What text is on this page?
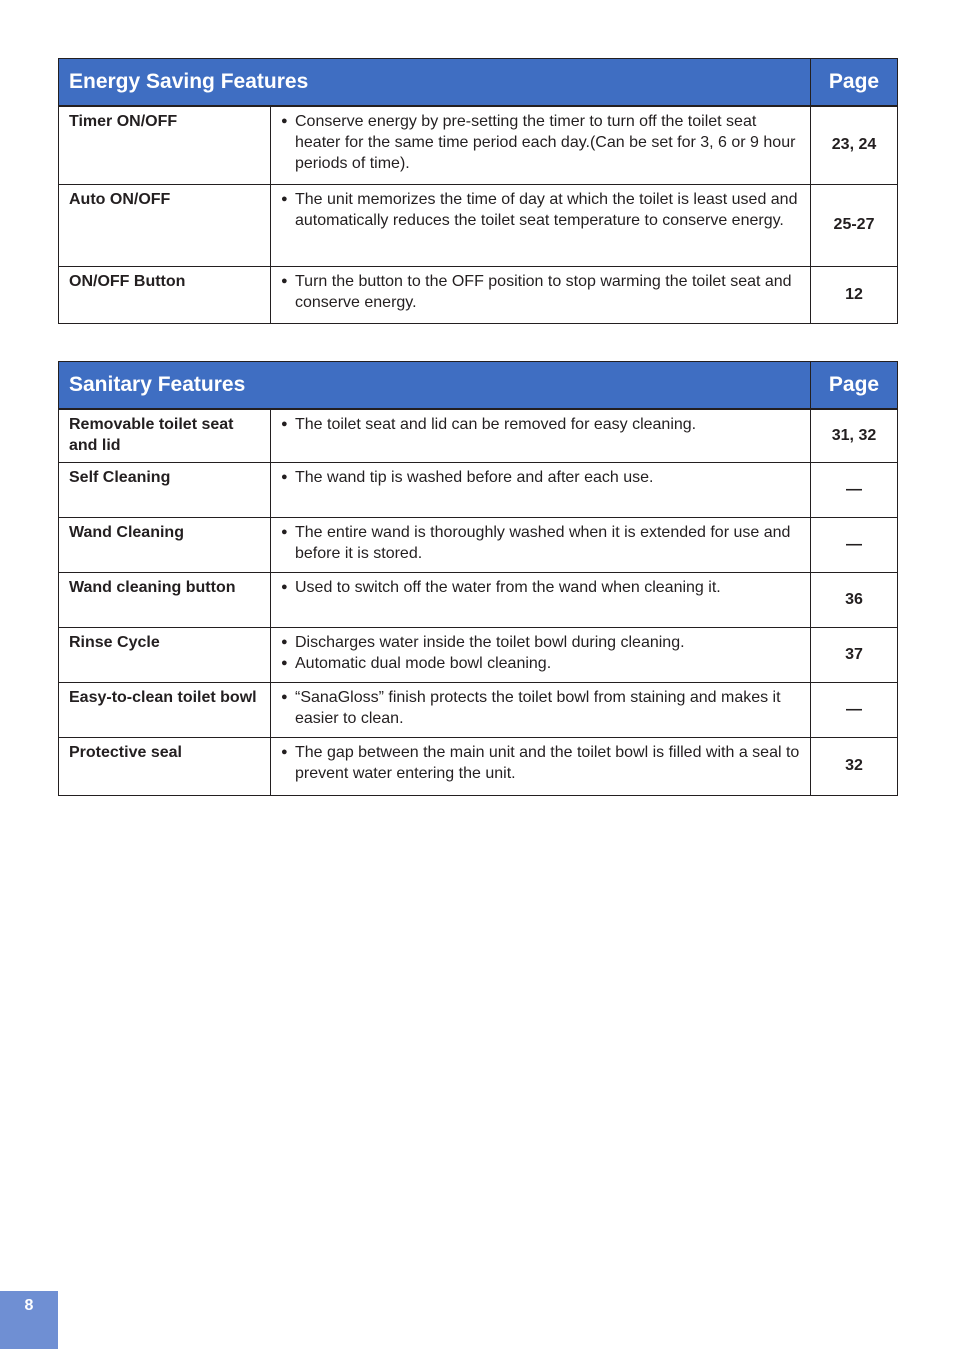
Energy Saving Features		Page
Timer ON/OFF	● Conserve energy by pre-setting the timer to turn off the toilet seat heater for the same time period each day.(Can be set for 3, 6 or 9 hour periods of time).	23, 24
Auto ON/OFF	● The unit memorizes the time of day at which the toilet is least used and automatically reduces the toilet seat temperature to conserve energy.	25-27
ON/OFF Button	● Turn the button to the OFF position to stop warming the toilet seat and conserve energy.	12
Sanitary Features		Page
Removable toilet seat and lid	● The toilet seat and lid can be removed for easy cleaning.	31, 32
Self Cleaning	● The wand tip is washed before and after each use.	—
Wand Cleaning	● The entire wand is thoroughly washed when it is extended for use and before it is stored.	—
Wand cleaning button	● Used to switch off the water from the wand when cleaning it.	36
Rinse Cycle	● Discharges water inside the toilet bowl during cleaning.
● Automatic dual mode bowl cleaning.	37
Easy-to-clean toilet bowl	● “SanaGloss” finish protects the toilet bowl from staining and makes it easier to clean.	—
Protective seal	● The gap between the main unit and the toilet bowl is filled with a seal to prevent water entering the unit.	32
8
